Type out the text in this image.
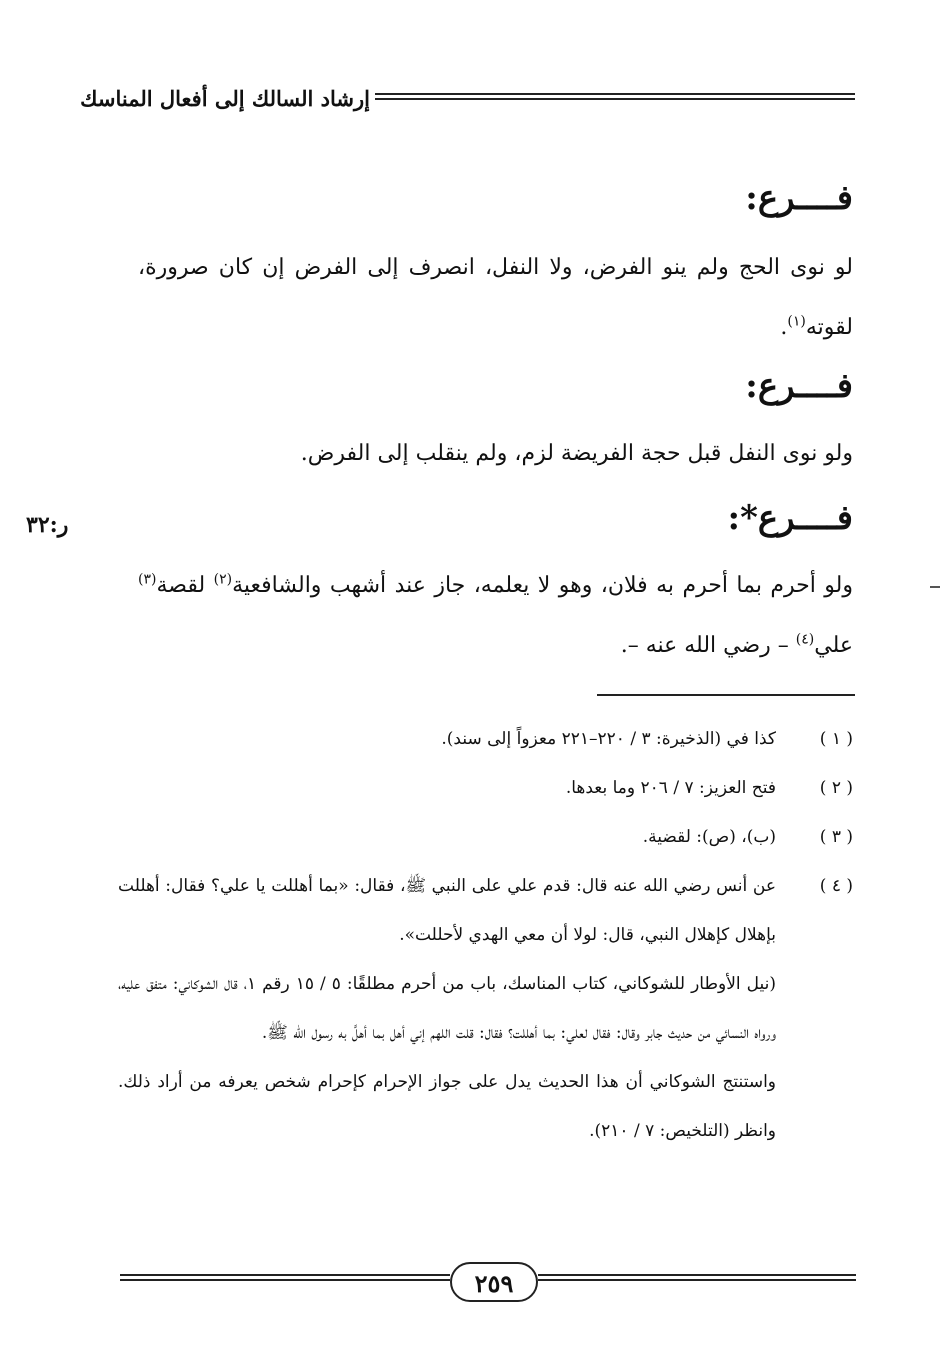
إرشاد السالك إلى أفعال المناسك
فــــرع:

لو نوى الحج ولم ينو الفرض، ولا النفل، انصرف إلى الفرض إن كان صرورة، لقوته$^{(١)}$.

فــــرع:

ولو نوى النفل قبل حجة الفريضة لزم، ولم ينقلب إلى الفرض.

فــــرع*:
ر:٣٢

ولو أحرم بما أحرم به فلان، وهو لا يعلمه، جاز عند أشهب والشافعية$^{(٢)}$ لقصة$^{(٣)}$ علي$^{(٤)}$ – رضي الله عنه –.

( ١ )

كذا في (الذخيرة: ٣ / ٢٢٠–٢٢١ معزواً إلى سند).

( ٢ )

فتح العزيز: ٧ / ٢٠٦ وما بعدها.

( ٣ )

(ب)، (ص): لقضية.

( ٤ )

عن أنس رضي الله عنه قال: قدم علي على النبي ﷺ، فقال: «بما أهللت يا علي؟ فقال: أهللت بإهلال كإهلال النبي، قال: لولا أن معي الهدي لأحللت».

(نيل الأوطار للشوكاني، كتاب المناسك، باب من أحرم مطلقًا: ٥ / ١٥ رقم ١، قال الشوكاني: متفق عليه، ورواه النسائي من حديث جابر وقال: فقال لعلي: بما أهللت؟ فقال: قلت اللهم إني أهل بما أهلَّ به رسول الله ﷺ.

واستنتج الشوكاني أن هذا الحديث يدل على جواز الإحرام كإحرام شخص يعرفه من أراد ذلك. وانظر (التلخيص: ٧ / ٢١٠).

٢٥٩
